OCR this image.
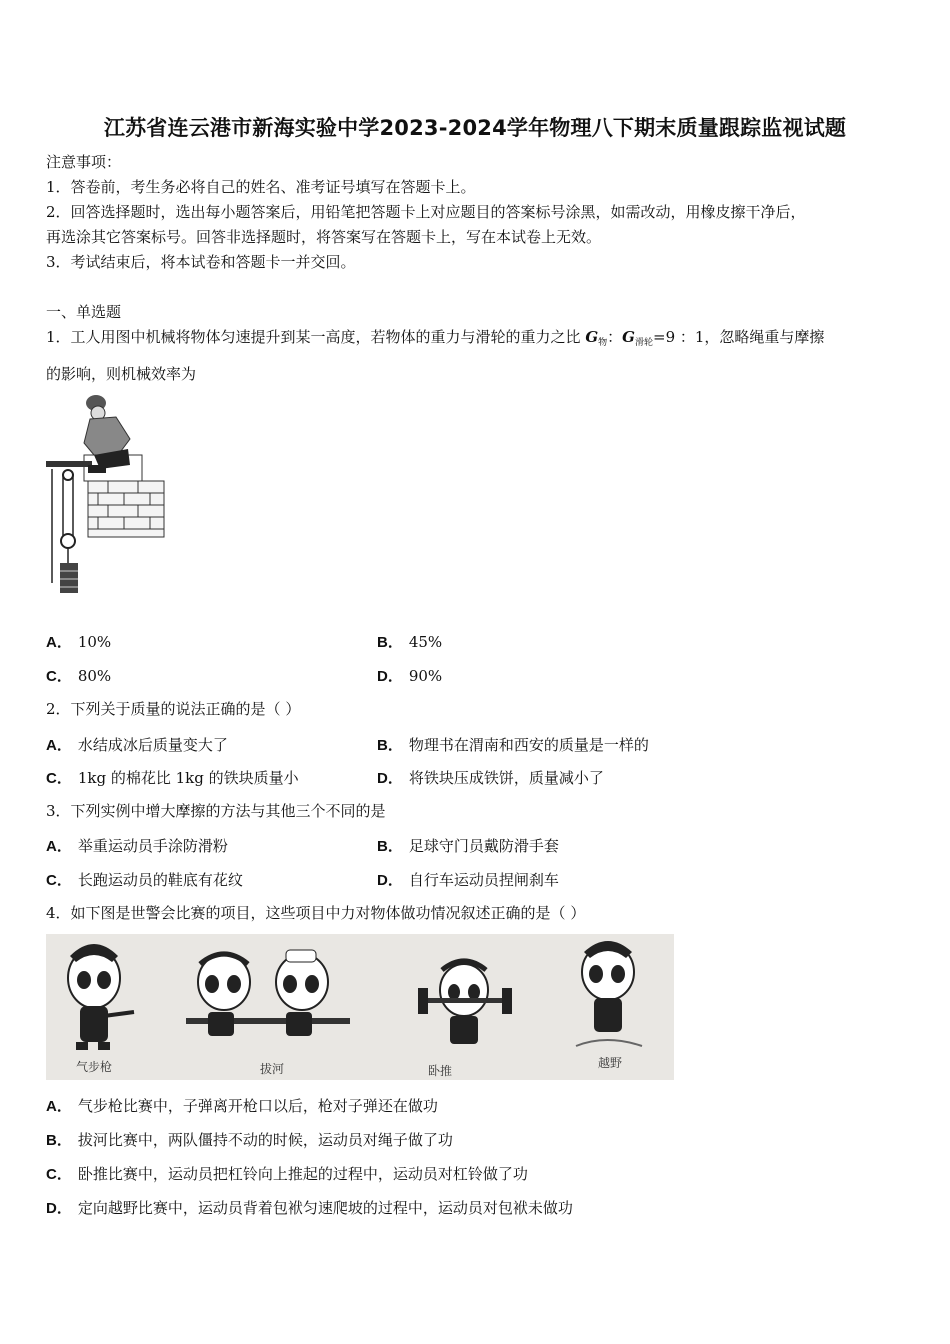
江苏省连云港市新海实验中学2023-2024学年物理八下期末质量跟踪监视试题
注意事项：
1．答卷前，考生务必将自己的姓名、准考证号填写在答题卡上。
2．回答选择题时，选出每小题答案后，用铅笔把答题卡上对应题目的答案标号涂黑，如需改动，用橡皮擦干净后，
再选涂其它答案标号。回答非选择题时，将答案写在答题卡上，写在本试卷上无效。
3．考试结束后，将本试卷和答题卡一并交回。
一、单选题
1．工人用图中机械将物体匀速提升到某一高度，若物体的重力与滑轮的重力之比 $G_物$：$G_{滑轮}=9$ ：1，忽略绳重与摩擦
的影响，则机械效率为
A． 10%	B． 45%
C． 80%	D． 90%
2．下列关于质量的说法正确的是（ ）
A． 水结成冰后质量变大了	B． 物理书在渭南和西安的质量是一样的
C． 1kg 的棉花比 1kg 的铁块质量小	D． 将铁块压成铁饼，质量减小了
3．下列实例中增大摩擦的方法与其他三个不同的是
A． 举重运动员手涂防滑粉	B． 足球守门员戴防滑手套
C． 长跑运动员的鞋底有花纹	D． 自行车运动员捏闸刹车
4．如下图是世警会比赛的项目，这些项目中力对物体做功情况叙述正确的是（ ）
气步枪	拔河	卧推
越野
A． 气步枪比赛中，子弹离开枪口以后，枪对子弹还在做功
B． 拔河比赛中，两队僵持不动的时候，运动员对绳子做了功
C． 卧推比赛中，运动员把杠铃向上推起的过程中，运动员对杠铃做了功
D． 定向越野比赛中，运动员背着包袱匀速爬坡的过程中，运动员对包袱未做功
